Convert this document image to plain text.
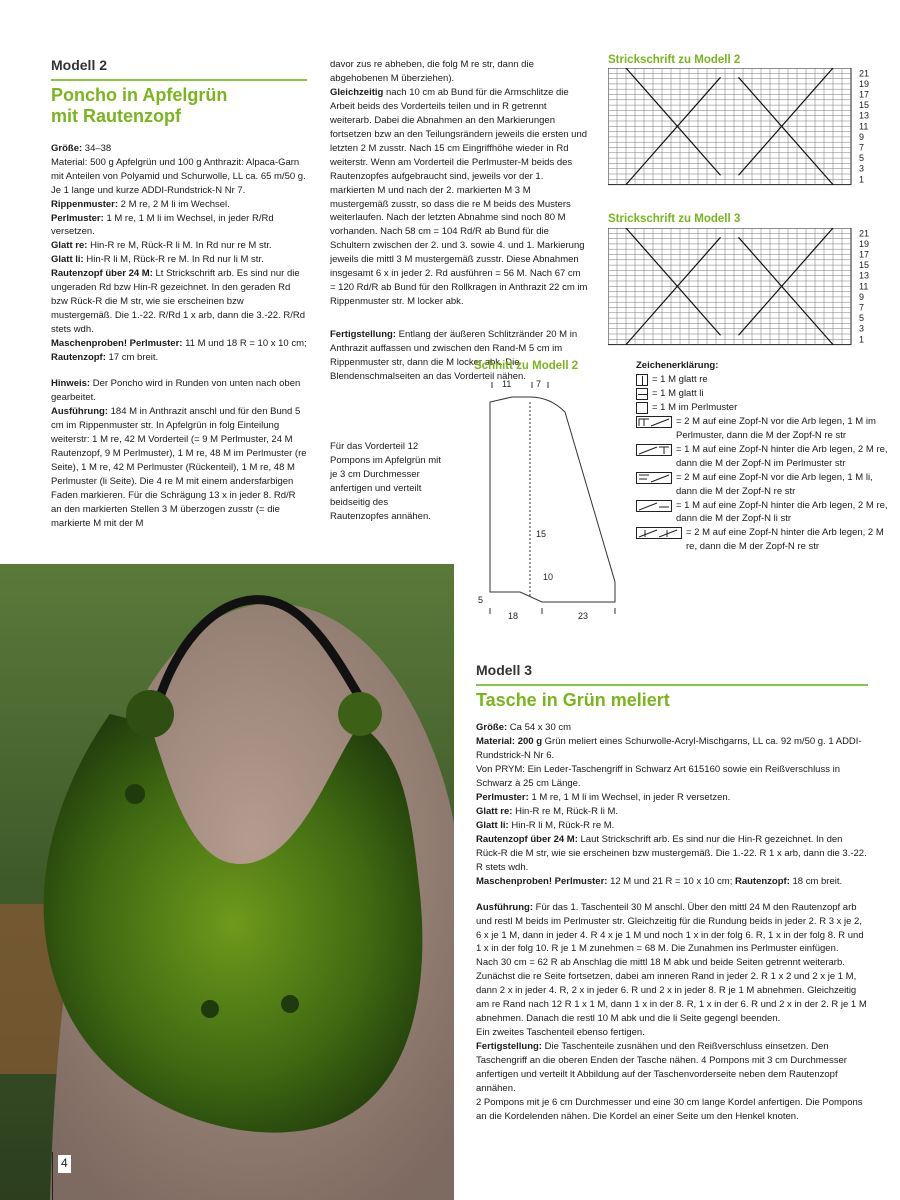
Modell 2
Poncho in Apfelgrün
mit Rautenzopf

Größe: 34–38

Material: 500 g Apfelgrün und 100 g Anthrazit: Alpaca-Garn mit Anteilen von Polyamid und Schurwolle, LL ca. 65 m/50 g. Je 1 lange und kurze ADDI-Rundstrick-N Nr 7.

Rippenmuster: 2 M re, 2 M li im Wechsel.

Perlmuster: 1 M re, 1 M li im Wechsel, in jeder R/Rd versetzen.

Glatt re: Hin-R re M, Rück-R li M. In Rd nur re M str.

Glatt li: Hin-R li M, Rück-R re M. In Rd nur li M str.

Rautenzopf über 24 M: Lt Strickschrift arb. Es sind nur die ungeraden Rd bzw Hin-R gezeichnet. In den geraden Rd bzw Rück-R die M str, wie sie erscheinen bzw mustergemäß. Die 1.-22. R/Rd 1 x arb, dann die 3.-22. R/Rd stets wdh.

Maschenproben! Perlmuster: 11 M und 18 R = 10 x 10 cm; Rautenzopf: 17 cm breit.

Hinweis: Der Poncho wird in Runden von unten nach oben gearbeitet.

Ausführung: 184 M in Anthrazit anschl und für den Bund 5 cm im Rippenmuster str. In Apfelgrün in folg Einteilung weiterstr: 1 M re, 42 M Vorderteil (= 9 M Perlmuster, 24 M Rautenzopf, 9 M Perlmuster), 1 M re, 48 M im Perlmuster (re Seite), 1 M re, 42 M Perlmuster (Rückenteil), 1 M re, 48 M Perlmuster (li Seite). Die 4 re M mit einem andersfarbigen Faden markieren. Für die Schrägung 13 x in jeder 8. Rd/R an den markierten Stellen 3 M überzogen zusstr (= die markierte M mit der M

davor zus re abheben, die folg M re str, dann die abgehobenen M überziehen).

Gleichzeitig nach 10 cm ab Bund für die Armschlitze die Arbeit beids des Vorderteils teilen und in R getrennt weiterarb. Dabei die Abnahmen an den Markierungen fortsetzen bzw an den Teilungsrändern jeweils die ersten und letzten 2 M zusstr. Nach 15 cm Eingriffhöhe wieder in Rd weiterstr. Wenn am Vorderteil die Perlmuster-M beids des Rautenzopfes aufgebraucht sind, jeweils vor der 1. markierten M und nach der 2. markierten M 3 M mustergemäß zusstr, so dass die re M beids des Musters weiterlaufen. Nach der letzten Abnahme sind noch 80 M vorhanden. Nach 58 cm = 104 Rd/R ab Bund für die Schultern zwischen der 2. und 3. sowie 4. und 1. Markierung jeweils die mittl 3 M mustergemäß zusstr. Diese Abnahmen insgesamt 6 x in jeder 2. Rd ausführen = 56 M. Nach 67 cm = 120 Rd/R ab Bund für den Rollkragen in Anthrazit 22 cm im Rippenmuster str. M locker abk.

Fertigstellung: Entlang der äußeren Schlitzränder 20 M in Anthrazit auffassen und zwischen den Rand-M 5 cm im Rippenmuster str, dann die M locker abk. Die Blendenschmalseiten an das Vorderteil nähen.

Strickschrift zu Modell 2
21
19
17
15
13
11
9
7
5
3
1
Strickschrift zu Modell 3
21
19
17
15
13
11
9
7
5
3
1
Schnitt zu Modell 2
11	7
15
10
5
18	23
Zeichenerklärung:
= 1 M glatt re
= 1 M glatt li
= 1 M im Perlmuster
= 2 M auf eine Zopf-N vor die Arb legen, 1 M im Perlmuster, dann die M der Zopf-N re str
= 1 M auf eine Zopf-N hinter die Arb legen, 2 M re, dann die M der Zopf-N im Perlmuster str
= 2 M auf eine Zopf-N vor die Arb legen, 1 M li, dann die M der Zopf-N re str
= 1 M auf eine Zopf-N hinter die Arb legen, 2 M re, dann die M der Zopf-N li str
= 2 M auf eine Zopf-N hinter die Arb legen, 2 M re, dann die M der Zopf-N re str
4
Modell 3
Tasche in Grün meliert

Größe: Ca 54 x 30 cm

Material: 200 g Grün meliert eines Schurwolle-Acryl-Mischgarns, LL ca. 92 m/50 g. 1 ADDI-Rundstrick-N Nr 6.

Von PRYM: Ein Leder-Taschengriff in Schwarz Art 615160 sowie ein Reißverschluss in Schwarz à 25 cm Länge.

Perlmuster: 1 M re, 1 M li im Wechsel, in jeder R versetzen.

Glatt re: Hin-R re M, Rück-R li M.

Glatt li: Hin-R li M, Rück-R re M.

Rautenzopf über 24 M: Laut Strickschrift arb. Es sind nur die Hin-R gezeichnet. In den Rück-R die M str, wie sie erscheinen bzw mustergemäß. Die 1.-22. R 1 x arb, dann die 3.-22. R stets wdh.

Maschenproben! Perlmuster: 12 M und 21 R = 10 x 10 cm; Rautenzopf: 18 cm breit.

Ausführung: Für das 1. Taschenteil 30 M anschl. Über den mittl 24 M den Rautenzopf arb und restl M beids im Perlmuster str. Gleichzeitig für die Rundung beids in jeder 2. R 3 x je 2, 6 x je 1 M, dann in jeder 4. R 4 x je 1 M und noch 1 x in der folg 6. R, 1 x in der folg 8. R und 1 x in der folg 10. R je 1 M zunehmen = 68 M. Die Zunahmen ins Perlmuster einfügen.

Nach 30 cm = 62 R ab Anschlag die mittl 18 M abk und beide Seiten getrennt weiterarb. Zunächst die re Seite fortsetzen, dabei am inneren Rand in jeder 2. R 1 x 2 und 2 x je 1 M, dann 2 x in jeder 4. R, 2 x in jeder 6. R und 2 x in jeder 8. R je 1 M abnehmen. Gleichzeitig am re Rand nach 12 R 1 x 1 M, dann 1 x in der 8. R, 1 x in der 6. R und 2 x in der 2. R je 1 M abnehmen. Danach die restl 10 M abk und die li Seite gegengl beenden.

Ein zweites Taschenteil ebenso fertigen.

Fertigstellung: Die Taschenteile zusnähen und den Reißverschluss einsetzen. Den Taschengriff an die oberen Enden der Tasche nähen. 4 Pompons mit 3 cm Durchmesser anfertigen und verteilt lt Abbildung auf der Taschenvorderseite neben dem Rautenzopf annähen.

2 Pompons mit je 6 cm Durchmesser und eine 30 cm lange Kordel anfertigen. Die Pompons an die Kordelenden nähen. Die Kordel an einer Seite um den Henkel knoten.

Für das Vorderteil 12 Pompons im Apfelgrün mit je 3 cm Durchmesser anfertigen und verteilt beidseitig des Rautenzopfes annähen.
